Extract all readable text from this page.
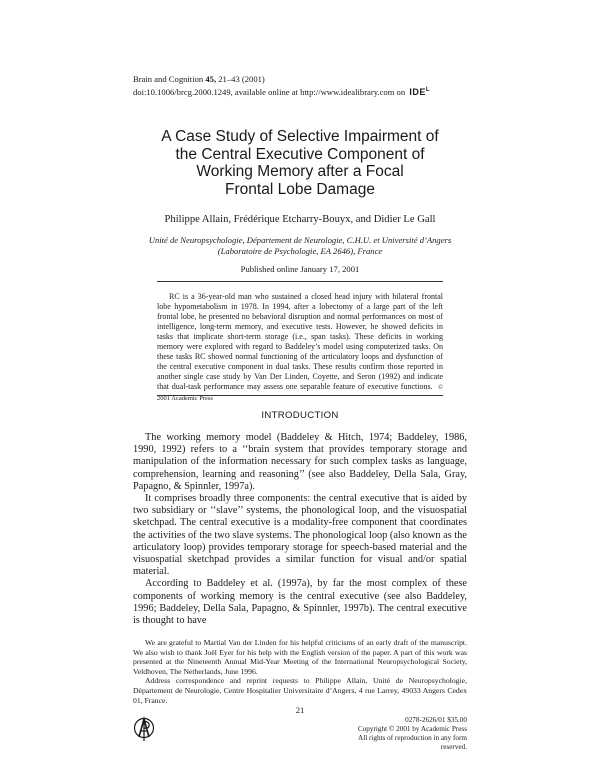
Brain and Cognition 45, 21–43 (2001)
doi:10.1006/brcg.2000.1249, available online at http://www.idealibrary.com on $IDE^L$
A Case Study of Selective Impairment of
the Central Executive Component of
Working Memory after a Focal
Frontal Lobe Damage
Philippe Allain, Frédérique Etcharry-Bouyx, and Didier Le Gall
Unité de Neuropsychologie, Département de Neurologie, C.H.U. et Université d’Angers
(Laboratoire de Psychologie, EA 2646), France
Published online January 17, 2001

RC is a 36-year-old man who sustained a closed head injury with bilateral frontal lobe hypometabolism in 1978. In 1994, after a lobectomy of a large part of the left frontal lobe, he presented no behavioral disruption and normal performances on most of intelligence, long-term memory, and executive tests. However, he showed deficits in tasks that implicate short-term storage (i.e., span tasks). These deficits in working memory were explored with regard to Baddeley’s model using computerized tasks. On these tasks RC showed normal functioning of the articulatory loops and dysfunction of the central executive component in dual tasks. These results confirm those reported in another single case study by Van Der Linden, Coyette, and Seron (1992) and indicate that dual-task performance may assess one separable feature of executive functions. © 2001 Academic Press

INTRODUCTION

The working memory model (Baddeley & Hitch, 1974; Baddeley, 1986, 1990, 1992) refers to a ‘‘brain system that provides temporary storage and manipulation of the information necessary for such complex tasks as language, comprehension, learning and reasoning’’ (see also Baddeley, Della Sala, Gray, Papagno, & Spinnler, 1997a).

It comprises broadly three components: the central executive that is aided by two subsidiary or ‘‘slave’’ systems, the phonological loop, and the visuospatial sketchpad. The central executive is a modality-free component that coordinates the activities of the two slave systems. The phonological loop (also known as the articulatory loop) provides temporary storage for speech-based material and the visuospatial sketchpad provides a similar function for visual and/or spatial material.

According to Baddeley et al. (1997a), by far the most complex of these components of working memory is the central executive (see also Baddeley, 1996; Baddeley, Della Sala, Papagno, & Spinnler, 1997b). The central executive is thought to have

We are grateful to Martial Van der Linden for his helpful criticisms of an early draft of the manuscript. We also wish to thank Joël Eyer for his help with the English version of the paper. A part of this work was presented at the Nineteenth Annual Mid-Year Meeting of the International Neuropsychological Society, Veldhoven, The Netherlands, June 1996.

Address correspondence and reprint requests to Philippe Allain, Unité de Neuropsychologie, Département de Neurologie, Centre Hospitalier Universitaire d’Angers, 4 rue Larrey, 49033 Angers Cedex 01, France.

21
0278-2626/01 $35.00
Copyright © 2001 by Academic Press
All rights of reproduction in any form reserved.
